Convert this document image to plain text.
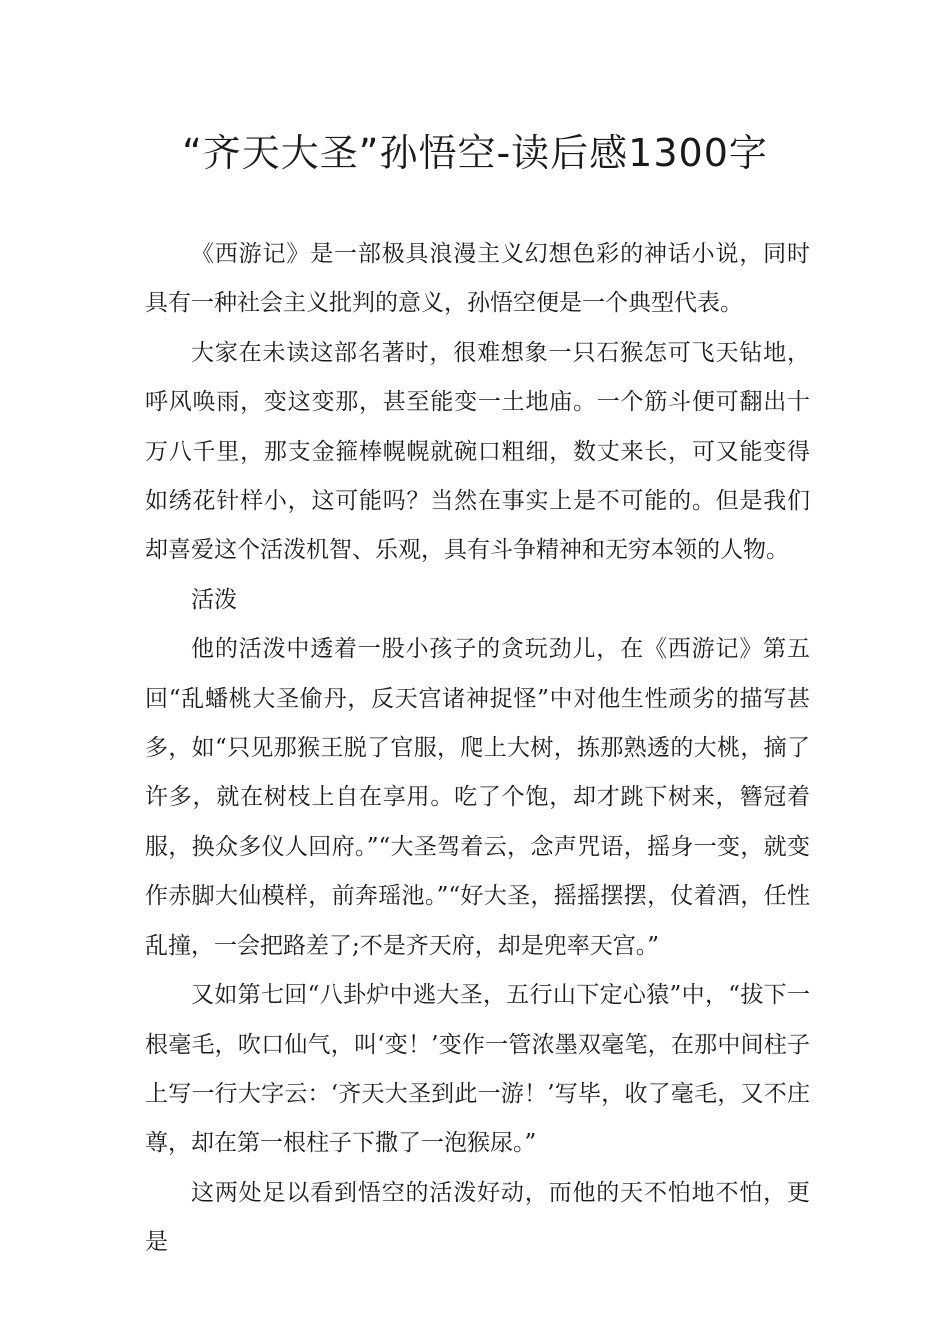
“齐天大圣”孙悟空-读后感1300字

《西游记》是一部极具浪漫主义幻想色彩的神话小说，同时具有一种社会主义批判的意义，孙悟空便是一个典型代表。

大家在未读这部名著时，很难想象一只石猴怎可飞天钻地，呼风唤雨，变这变那，甚至能变一土地庙。一个筋斗便可翻出十万八千里，那支金箍棒幌幌就碗口粗细，数丈来长，可又能变得如绣花针样小，这可能吗？当然在事实上是不可能的。但是我们却喜爱这个活泼机智、乐观，具有斗争精神和无穷本领的人物。

活泼

他的活泼中透着一股小孩子的贪玩劲儿，在《西游记》第五回“乱蟠桃大圣偷丹，反天宫诸神捉怪”中对他生性顽劣的描写甚多，如“只见那猴王脱了官服，爬上大树，拣那熟透的大桃，摘了许多，就在树枝上自在享用。吃了个饱，却才跳下树来，簪冠着服，换众多仪人回府。”“大圣驾着云，念声咒语，摇身一变，就变作赤脚大仙模样，前奔瑶池。”“好大圣，摇摇摆摆，仗着酒，任性乱撞，一会把路差了;不是齐天府，却是兜率天宫。”

又如第七回“八卦炉中逃大圣，五行山下定心猿”中，“拔下一根毫毛，吹口仙气，叫‘变！’变作一管浓墨双毫笔，在那中间柱子上写一行大字云：‘齐天大圣到此一游！’写毕，收了毫毛，又不庄尊，却在第一根柱子下撒了一泡猴尿。”

这两处足以看到悟空的活泼好动，而他的天不怕地不怕，更是
